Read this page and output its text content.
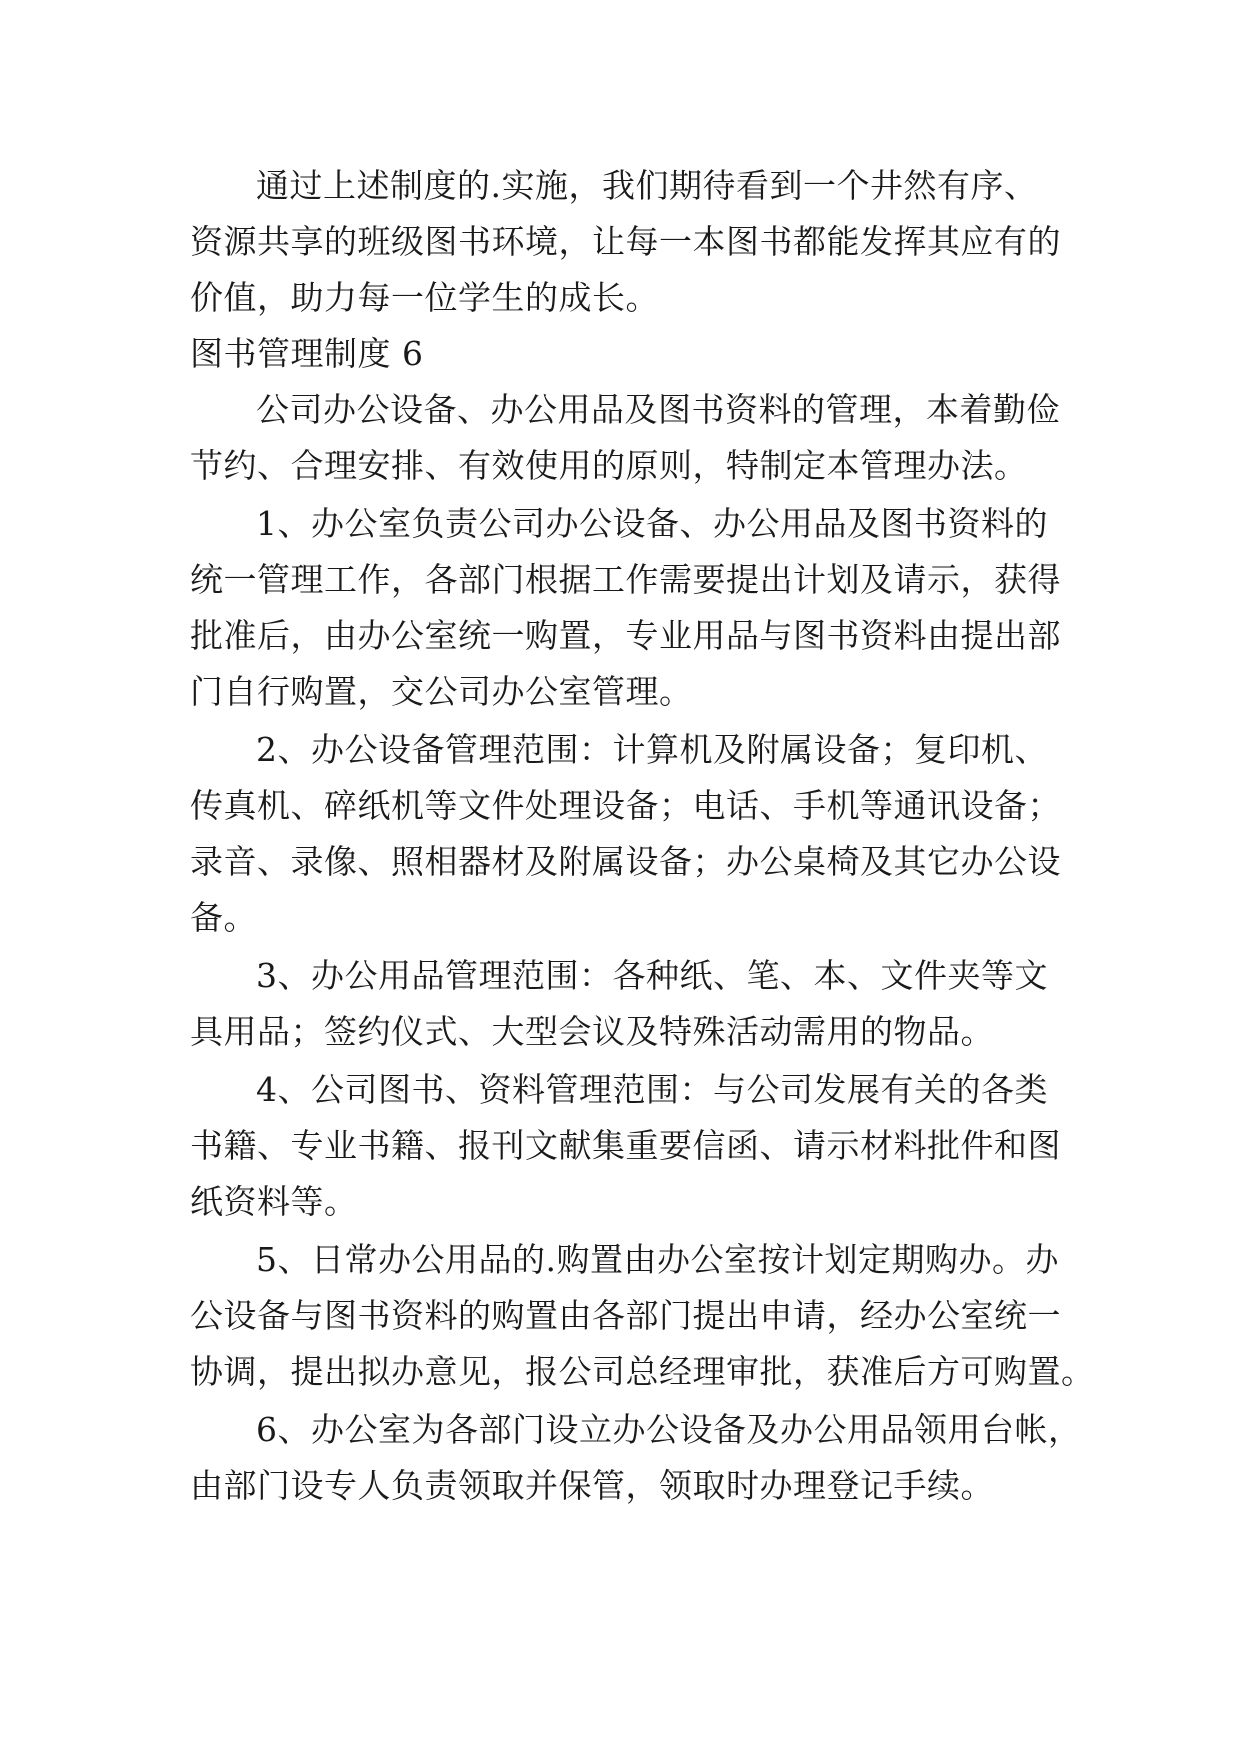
通过上述制度的.实施，我们期待看到一个井然有序、
资源共享的班级图书环境，让每一本图书都能发挥其应有的
价值，助力每一位学生的成长。
图书管理制度 6
公司办公设备、办公用品及图书资料的管理，本着勤俭
节约、合理安排、有效使用的原则，特制定本管理办法。
1、办公室负责公司办公设备、办公用品及图书资料的
统一管理工作，各部门根据工作需要提出计划及请示，获得
批准后，由办公室统一购置，专业用品与图书资料由提出部
门自行购置，交公司办公室管理。
2、办公设备管理范围：计算机及附属设备；复印机、
传真机、碎纸机等文件处理设备；电话、手机等通讯设备；
录音、录像、照相器材及附属设备；办公桌椅及其它办公设
备。
3、办公用品管理范围：各种纸、笔、本、文件夹等文
具用品；签约仪式、大型会议及特殊活动需用的物品。
4、公司图书、资料管理范围：与公司发展有关的各类
书籍、专业书籍、报刊文献集重要信函、请示材料批件和图
纸资料等。
5、日常办公用品的.购置由办公室按计划定期购办。办
公设备与图书资料的购置由各部门提出申请，经办公室统一
协调，提出拟办意见，报公司总经理审批，获准后方可购置。
6、办公室为各部门设立办公设备及办公用品领用台帐，
由部门设专人负责领取并保管，领取时办理登记手续。
